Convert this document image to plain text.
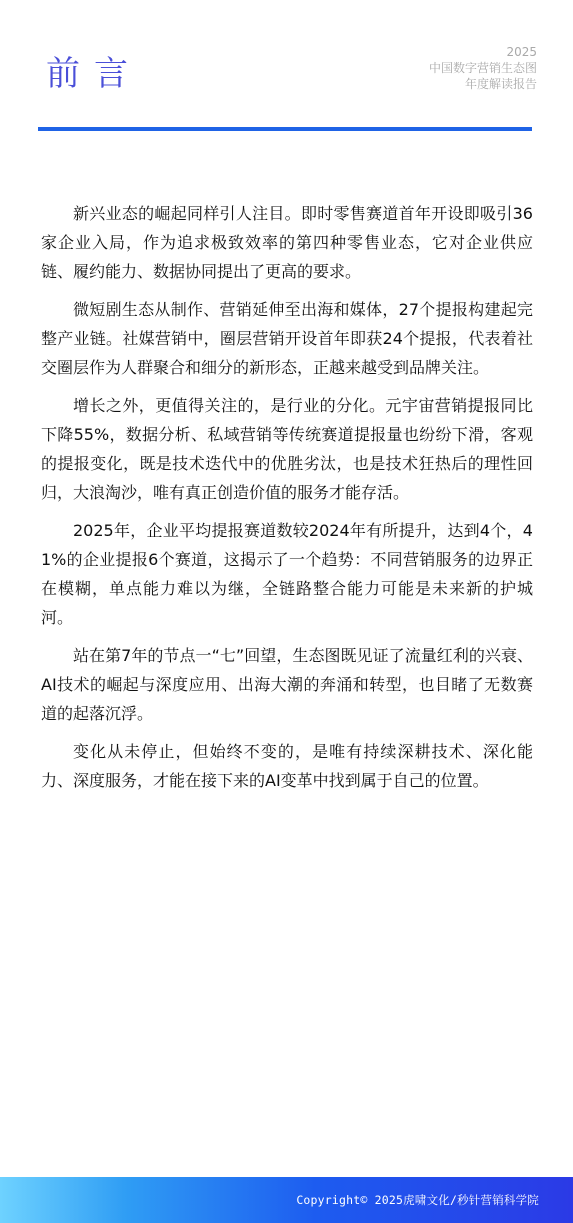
前言
2025
中国数字营销生态图
年度解读报告

新兴业态的崛起同样引人注目。即时零售赛道首年开设即吸引36家企业入局，作为追求极致效率的第四种零售业态，它对企业供应链、履约能力、数据协同提出了更高的要求。

微短剧生态从制作、营销延伸至出海和媒体，27个提报构建起完整产业链。社媒营销中，圈层营销开设首年即获24个提报，代表着社交圈层作为人群聚合和细分的新形态，正越来越受到品牌关注。

增长之外，更值得关注的，是行业的分化。元宇宙营销提报同比下降55%，数据分析、私域营销等传统赛道提报量也纷纷下滑，客观的提报变化，既是技术迭代中的优胜劣汰，也是技术狂热后的理性回归，大浪淘沙，唯有真正创造价值的服务才能存活。

2025年，企业平均提报赛道数较2024年有所提升，达到4个，41%的企业提报6个赛道，这揭示了一个趋势：不同营销服务的边界正在模糊，单点能力难以为继，全链路整合能力可能是未来新的护城河。

站在第7年的节点一“七”回望，生态图既见证了流量红利的兴衰、AI技术的崛起与深度应用、出海大潮的奔涌和转型，也目睹了无数赛道的起落沉浮。

变化从未停止，但始终不变的，是唯有持续深耕技术、深化能力、深度服务，才能在接下来的AI变革中找到属于自己的位置。

Copyright© 2025虎啸文化/秒针营销科学院
